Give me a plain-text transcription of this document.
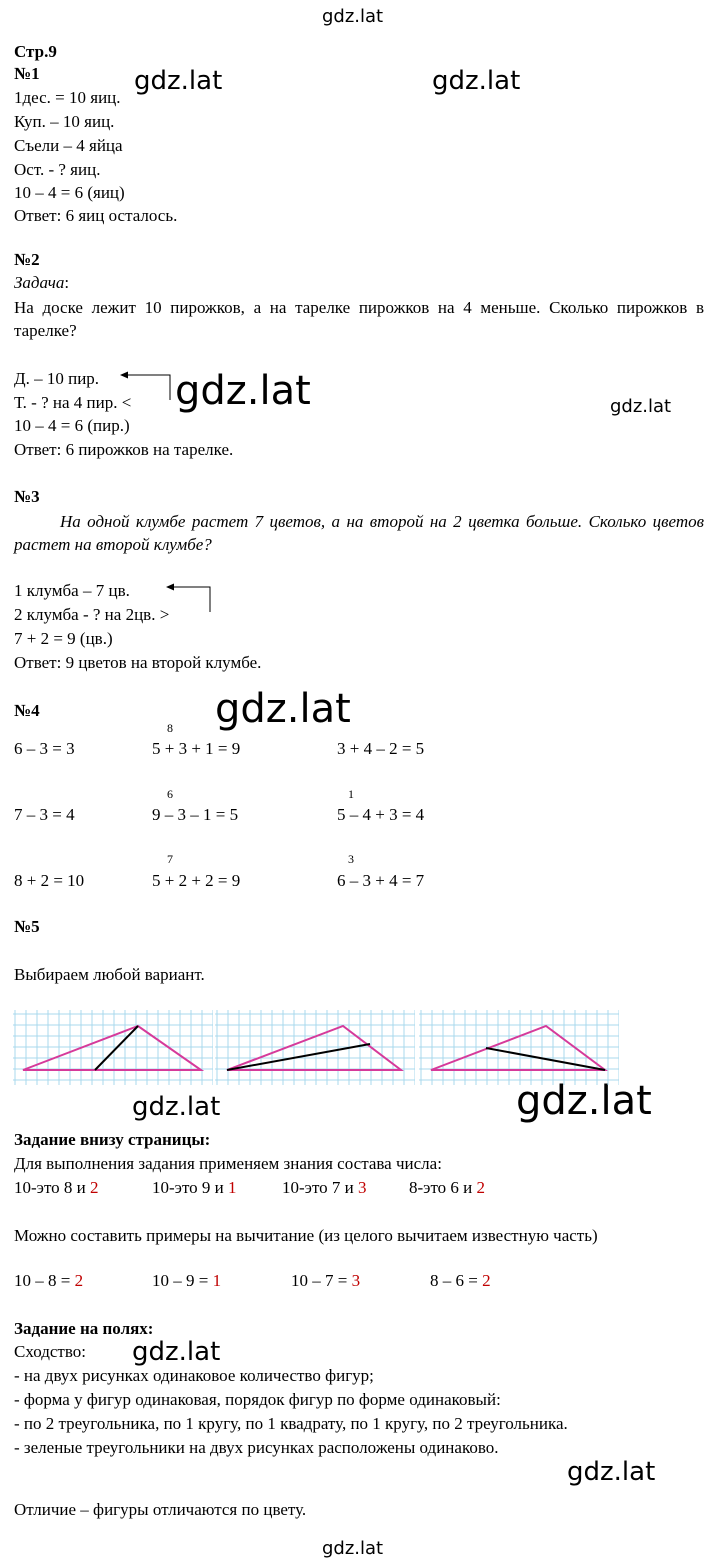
gdz.lat
gdz.lat	gdz.lat
gdz.lat	gdz.lat
gdz.lat
gdz.lat	gdz.lat
gdz.lat
gdz.lat
gdz.lat
Стр.9
№1
1дес. = 10 яиц.
Куп. – 10 яиц.
Съели – 4 яйца
Ост. - ? яиц.
10 – 4 = 6 (яиц)
Ответ: 6 яиц осталось.
№2
Задача:
На доске лежит 10 пирожков, а на тарелке пирожков на 4 меньше. Сколько пирожков в тарелке?
Д. – 10 пир.
Т. - ? на 4 пир. <
10 – 4 = 6 (пир.)
Ответ: 6 пирожков на тарелке.
№3
На одной клумбе растет 7 цветов, а на второй на 2 цветка больше. Сколько цветов растет на второй клумбе?
1 клумба – 7 цв.
2 клумба - ? на 2цв. >
7 + 2 = 9 (цв.)
Ответ: 9 цветов на второй клумбе.
№4
8
6 – 3 = 3	5 + 3 + 1 = 9	3 + 4 – 2 = 5
6	1
7 – 3 = 4	9 – 3 – 1 = 5	5 – 4 + 3 = 4
7	3
8 + 2 = 10	5 + 2 + 2 = 9	6 – 3 + 4 = 7
№5
Выбираем любой вариант.
Задание внизу страницы:
Для выполнения задания применяем знания состава числа:
10-это 8 и 2	10-это 9 и 1	10-это 7 и 3 8-это 6 и 2
Можно составить примеры на вычитание (из целого вычитаем известную часть)
10 – 8 = 2	10 – 9 = 1	10 – 7 = 3	8 – 6 = 2
Задание на полях:
Сходство:
- на двух рисунках одинаковое количество фигур;
- форма у фигур одинаковая, порядок фигур по форме одинаковый:
- по 2 треугольника, по 1 кругу, по 1 квадрату, по 1 кругу, по 2 треугольника.
- зеленые треугольники на двух рисунках расположены одинаково.
Отличие – фигуры отличаются по цвету.
